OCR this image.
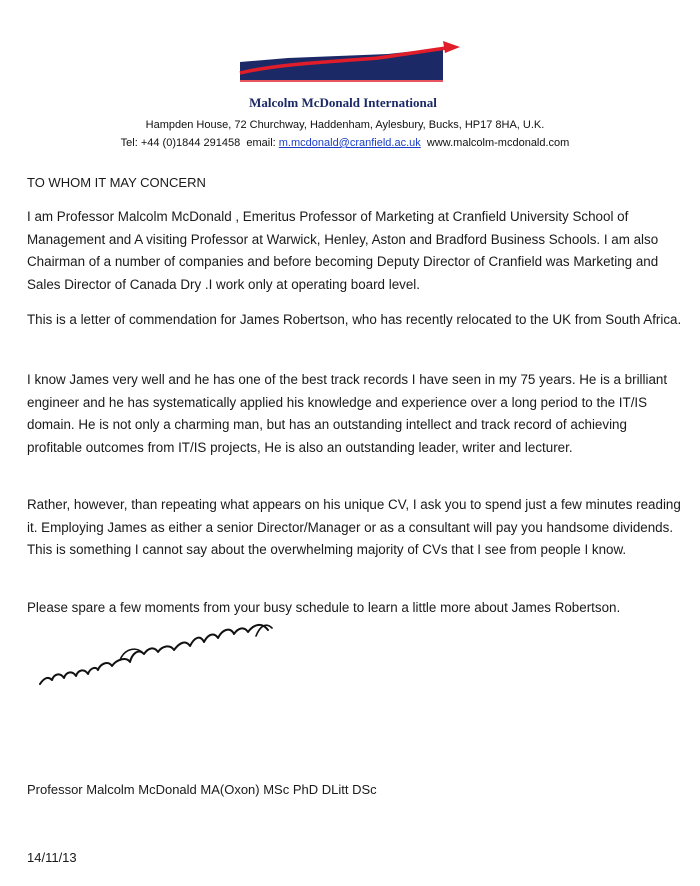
Malcolm McDonald International
Hampden House, 72 Churchway, Haddenham, Aylesbury, Bucks, HP17 8HA, U.K.
Tel: +44 (0)1844 291458 email: m.mcdonald@cranfield.ac.uk www.malcolm-mcdonald.com
TO WHOM IT MAY CONCERN
I am Professor Malcolm McDonald , Emeritus Professor of Marketing at Cranfield University School of Management and A visiting Professor at Warwick, Henley, Aston and Bradford Business Schools. I am also Chairman of a number of companies and before becoming Deputy Director of Cranfield was Marketing and Sales Director of Canada Dry .I work only at operating board level.
This is a letter of commendation for James Robertson, who has recently relocated to the UK from South Africa.
I know James very well and he has one of the best track records I have seen in my 75 years. He is a brilliant engineer and he has systematically applied his knowledge and experience over a long period to the IT/IS domain. He is not only a charming man, but has an outstanding intellect and track record of achieving profitable outcomes from IT/IS projects, He is also an outstanding leader, writer and lecturer.
Rather, however, than repeating what appears on his unique CV, I ask you to spend just a few minutes reading it. Employing James as either a senior Director/Manager or as a consultant will pay you handsome dividends. This is something I cannot say about the overwhelming majority of CVs that I see from people I know.
Please spare a few moments from your busy schedule to learn a little more about James Robertson.
Professor Malcolm McDonald MA(Oxon) MSc PhD DLitt DSc
14/11/13
